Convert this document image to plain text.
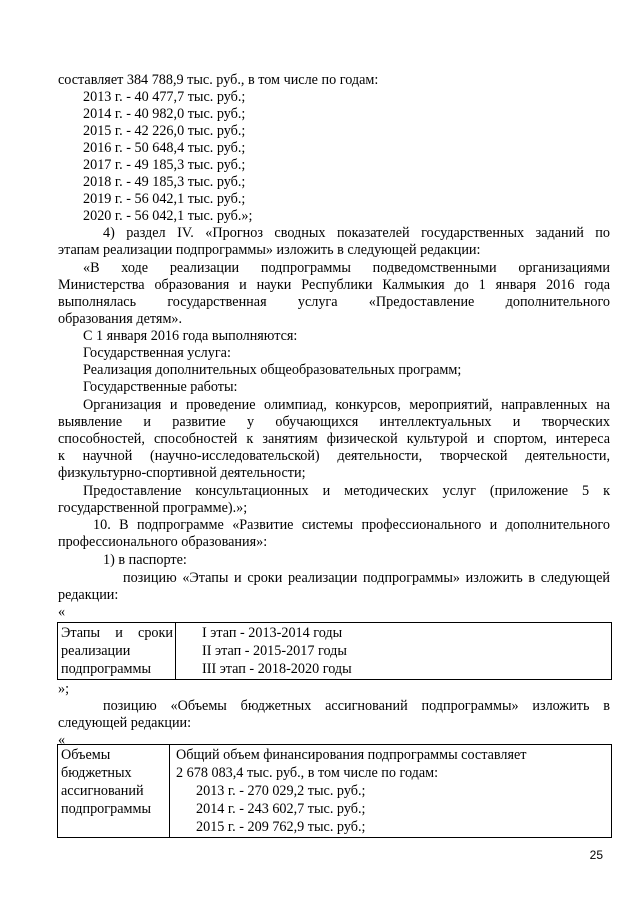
составляет 384 788,9 тыс. руб., в том числе по годам:
2013 г. - 40 477,7 тыс. руб.;
2014 г. - 40 982,0 тыс. руб.;
2015 г. - 42 226,0 тыс. руб.;
2016 г. - 50 648,4 тыс. руб.;
2017 г. - 49 185,3 тыс. руб.;
2018 г. - 49 185,3 тыс. руб.;
2019 г. - 56 042,1 тыс. руб.;
2020 г. - 56 042,1 тыс. руб.»;
4) раздел IV. «Прогноз сводных показателей государственных заданий по
этапам реализации подпрограммы» изложить в следующей редакции:
«В ходе реализации подпрограммы подведомственными организациями
Министерства образования и науки Республики Калмыкия до 1 января 2016 года
выполнялась государственная услуга «Предоставление дополнительного
образования детям».
С 1 января 2016 года выполняются:
Государственная услуга:
Реализация дополнительных общеобразовательных программ;
Государственные работы:
Организация и проведение олимпиад, конкурсов, мероприятий, направленных на
выявление и развитие у обучающихся интеллектуальных и творческих
способностей, способностей к занятиям физической культурой и спортом, интереса
к научной (научно-исследовательской) деятельности, творческой деятельности,
физкультурно-спортивной деятельности;
Предоставление консультационных и методических услуг (приложение 5 к
государственной программе).»;
10. В подпрограмме «Развитие системы профессионального и дополнительного
профессионального образования»:
1) в паспорте:
позицию «Этапы и сроки реализации подпрограммы» изложить в следующей
редакции:
«
Этапы и сроки
реализации
подпрограммы

I этап - 2013-2014 годы
II этап - 2015-2017 годы
III этап - 2018-2020 годы
»;
позицию «Объемы бюджетных ассигнований подпрограммы» изложить в
следующей редакции:
«
Объемы
бюджетных
ассигнований
подпрограммы

Общий объем финансирования подпрограммы составляет
2 678 083,4 тыс. руб., в том числе по годам:
2013 г. - 270 029,2 тыс. руб.;
2014 г. - 243 602,7 тыс. руб.;
2015 г. - 209 762,9 тыс. руб.;
25
